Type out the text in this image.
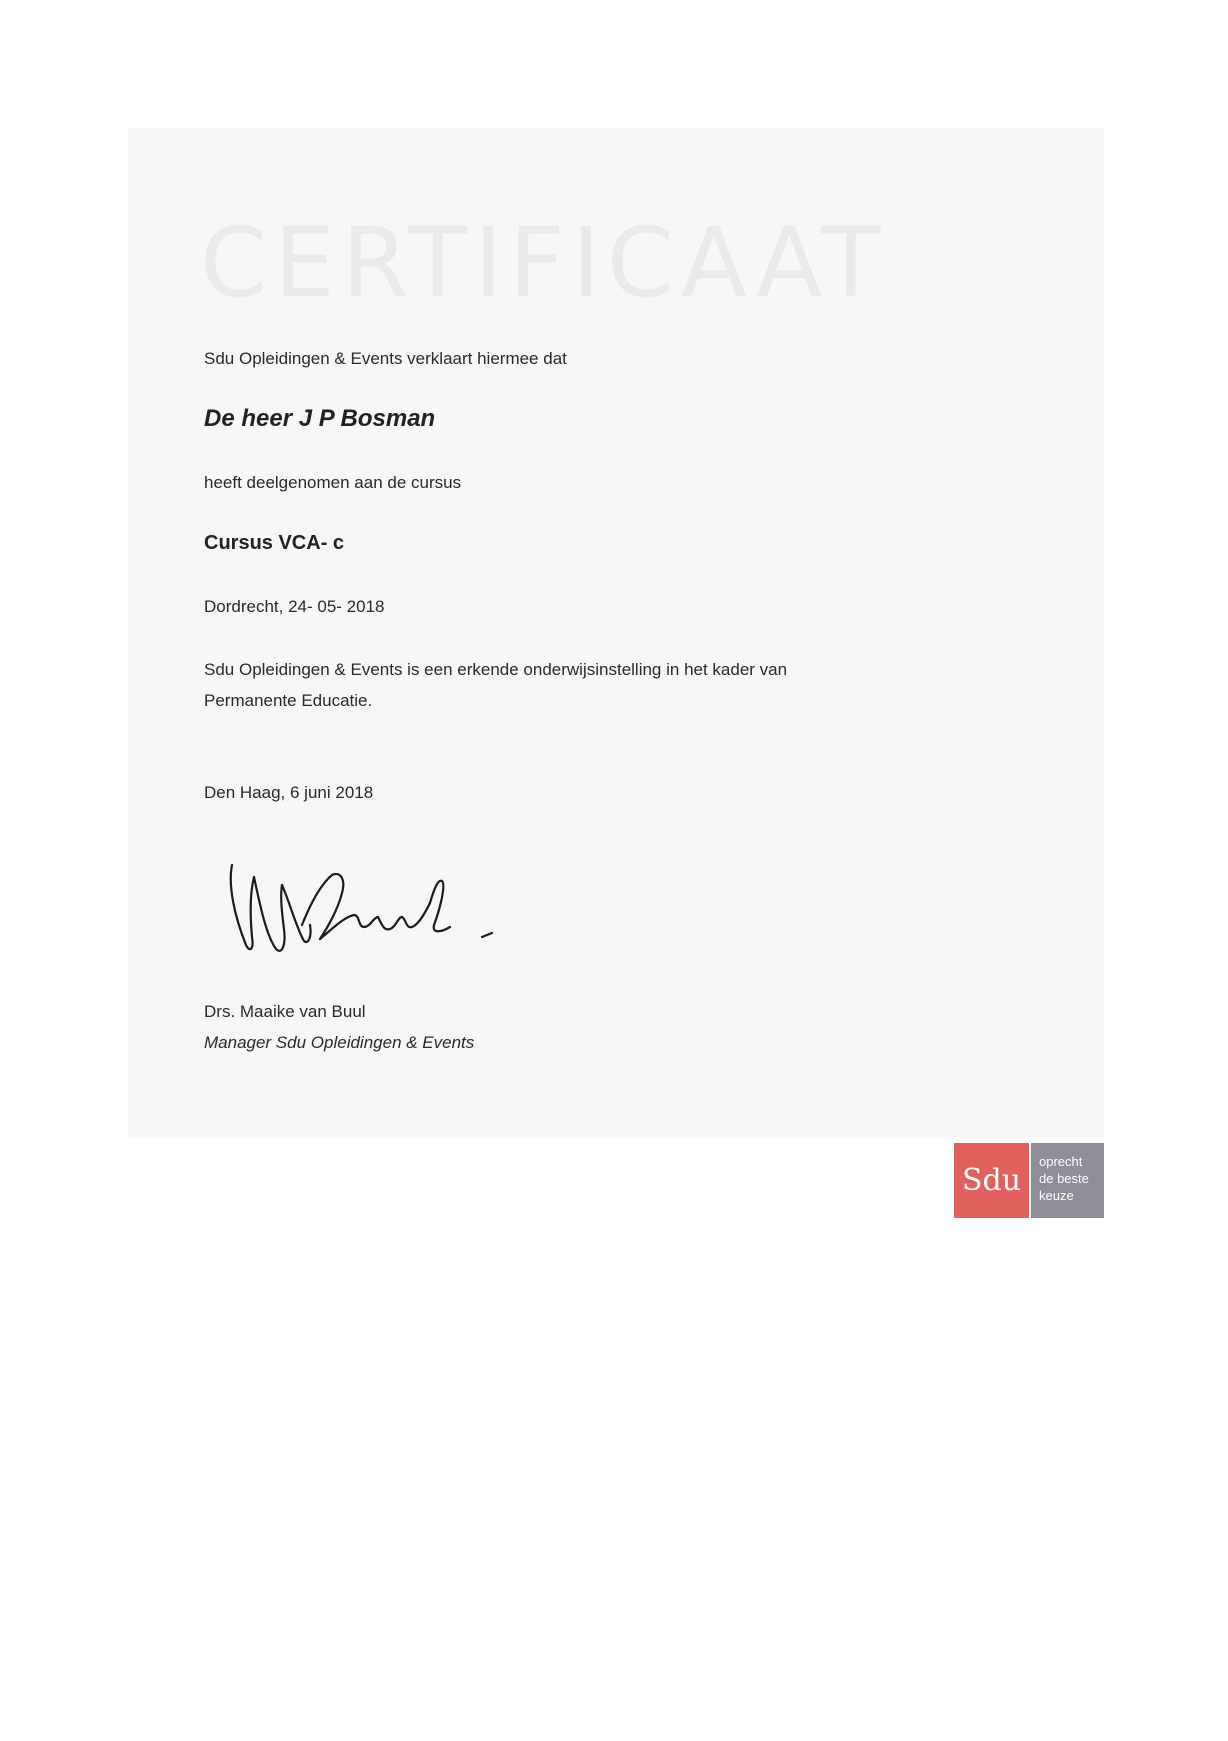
CERTIFICAAT
Sdu Opleidingen & Events verklaart hiermee dat
De heer J P Bosman
heeft deelgenomen aan de cursus
Cursus VCA- c
Dordrecht, 24- 05- 2018
Sdu Opleidingen & Events is een erkende onderwijsinstelling in het kader van
Permanente Educatie.
Den Haag, 6 juni 2018
Drs. Maaike van Buul
Manager Sdu Opleidingen & Events
Sdu
oprecht
de beste
keuze
